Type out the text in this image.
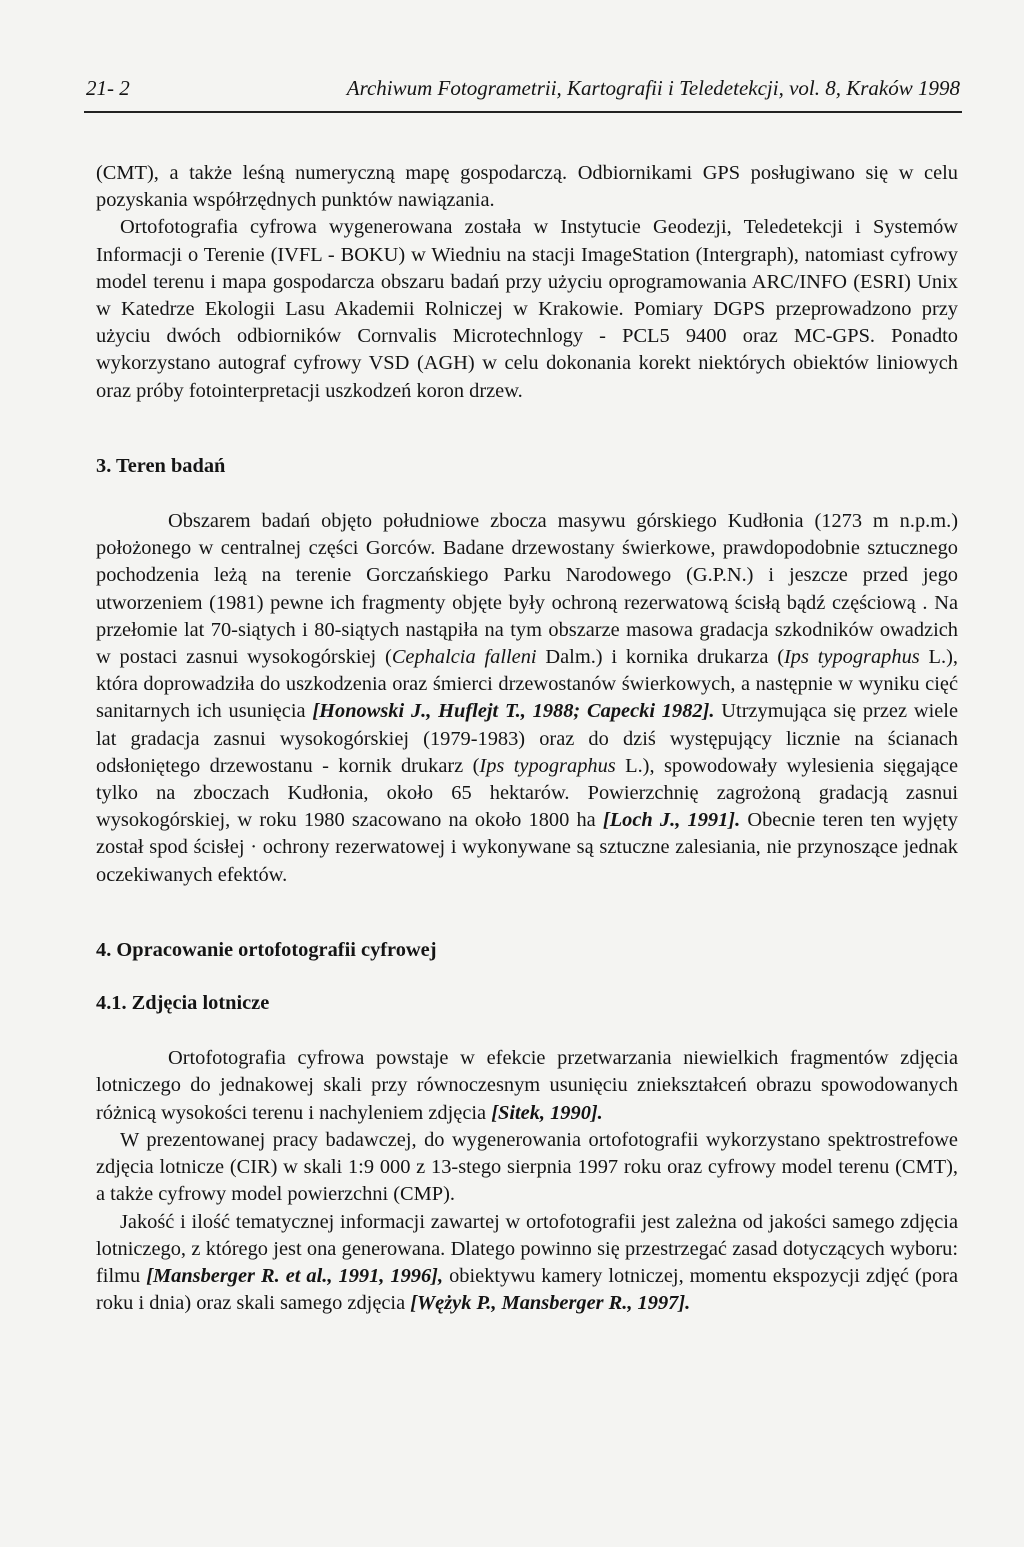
21- 2	Archiwum Fotogrametrii, Kartografii i Teledetekcji, vol. 8, Kraków 1998

(CMT), a także leśną numeryczną mapę gospodarczą. Odbiornikami GPS posługiwano się w celu pozyskania współrzędnych punktów nawiązania.

Ortofotografia cyfrowa wygenerowana została w Instytucie Geodezji, Teledetekcji i Systemów Informacji o Terenie (IVFL - BOKU) w Wiedniu na stacji ImageStation (Intergraph), natomiast cyfrowy model terenu i mapa gospodarcza obszaru badań przy użyciu oprogramowania ARC/INFO (ESRI) Unix w Katedrze Ekologii Lasu Akademii Rolniczej w Krakowie. Pomiary DGPS przeprowadzono przy użyciu dwóch odbiorników Cornvalis Microtechnlogy - PCL5 9400 oraz MC-GPS. Ponadto wykorzystano autograf cyfrowy VSD (AGH) w celu dokonania korekt niektórych obiektów liniowych oraz próby fotointerpretacji uszkodzeń koron drzew.

3. Teren badań

Obszarem badań objęto południowe zbocza masywu górskiego Kudłonia (1273 m n.p.m.) położonego w centralnej części Gorców. Badane drzewostany świerkowe, prawdopodobnie sztucznego pochodzenia leżą na terenie Gorczańskiego Parku Narodowego (G.P.N.) i jeszcze przed jego utworzeniem (1981) pewne ich fragmenty objęte były ochroną rezerwatową ścisłą bądź częściową . Na przełomie lat 70-siątych i 80-siątych nastąpiła na tym obszarze masowa gradacja szkodników owadzich w postaci zasnui wysokogórskiej (Cephalcia falleni Dalm.) i kornika drukarza (Ips typographus L.), która doprowadziła do uszkodzenia oraz śmierci drzewostanów świerkowych, a następnie w wyniku cięć sanitarnych ich usunięcia [Honowski J., Huflejt T., 1988; Capecki 1982]. Utrzymująca się przez wiele lat gradacja zasnui wysokogórskiej (1979-1983) oraz do dziś występujący licznie na ścianach odsłoniętego drzewostanu - kornik drukarz (Ips typographus L.), spowodowały wylesienia sięgające tylko na zboczach Kudłonia, około 65 hektarów. Powierzchnię zagrożoną gradacją zasnui wysokogórskiej, w roku 1980 szacowano na około 1800 ha [Loch J., 1991]. Obecnie teren ten wyjęty został spod ścisłej · ochrony rezerwatowej i wykonywane są sztuczne zalesiania, nie przynoszące jednak oczekiwanych efektów.

4. Opracowanie ortofotografii cyfrowej

4.1. Zdjęcia lotnicze

Ortofotografia cyfrowa powstaje w efekcie przetwarzania niewielkich fragmentów zdjęcia lotniczego do jednakowej skali przy równoczesnym usunięciu zniekształceń obrazu spowodowanych różnicą wysokości terenu i nachyleniem zdjęcia [Sitek, 1990].

W prezentowanej pracy badawczej, do wygenerowania ortofotografii wykorzystano spektrostrefowe zdjęcia lotnicze (CIR) w skali 1:9 000 z 13-stego sierpnia 1997 roku oraz cyfrowy model terenu (CMT), a także cyfrowy model powierzchni (CMP).

Jakość i ilość tematycznej informacji zawartej w ortofotografii jest zależna od jakości samego zdjęcia lotniczego, z którego jest ona generowana. Dlatego powinno się przestrzegać zasad dotyczących wyboru: filmu [Mansberger R. et al., 1991, 1996], obiektywu kamery lotniczej, momentu ekspozycji zdjęć (pora roku i dnia) oraz skali samego zdjęcia [Wężyk P., Mansberger R., 1997].
